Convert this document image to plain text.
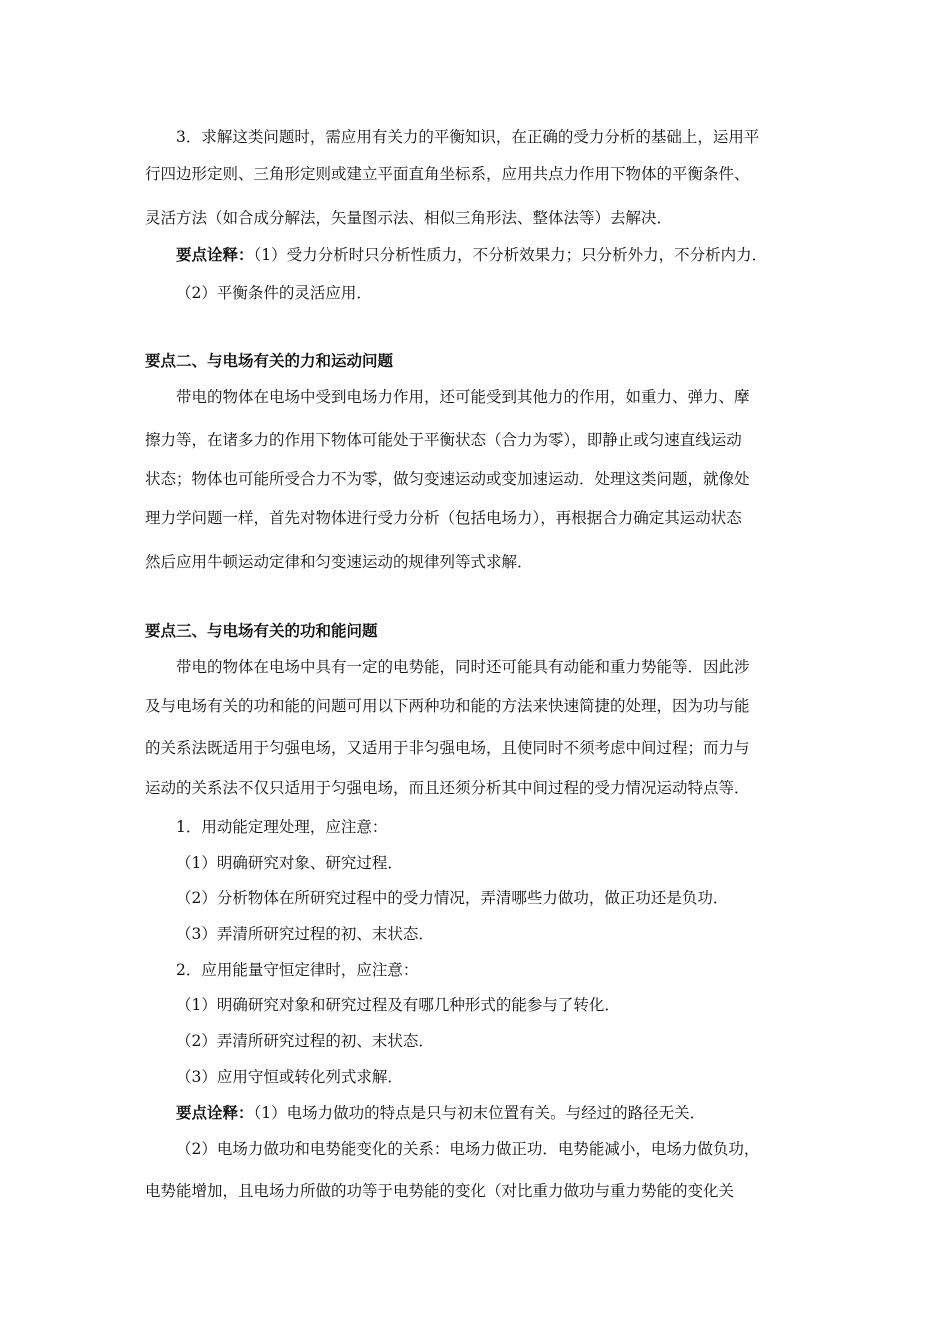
3．求解这类问题时，需应用有关力的平衡知识，在正确的受力分析的基础上，运用平
行四边形定则、三角形定则或建立平面直角坐标系，应用共点力作用下物体的平衡条件、
灵活方法（如合成分解法，矢量图示法、相似三角形法、整体法等）去解决．
要点诠释：（1）受力分析时只分析性质力，不分析效果力；只分析外力，不分析内力．
（2）平衡条件的灵活应用．
要点二、与电场有关的力和运动问题
带电的物体在电场中受到电场力作用，还可能受到其他力的作用，如重力、弹力、摩
擦力等，在诸多力的作用下物体可能处于平衡状态（合力为零），即静止或匀速直线运动
状态；物体也可能所受合力不为零，做匀变速运动或变加速运动．处理这类问题，就像处
理力学问题一样，首先对物体进行受力分析（包括电场力），再根据合力确定其运动状态
然后应用牛顿运动定律和匀变速运动的规律列等式求解．
要点三、与电场有关的功和能问题
带电的物体在电场中具有一定的电势能，同时还可能具有动能和重力势能等．因此涉
及与电场有关的功和能的问题可用以下两种功和能的方法来快速简捷的处理，因为功与能
的关系法既适用于匀强电场，又适用于非匀强电场，且使同时不须考虑中间过程；而力与
运动的关系法不仅只适用于匀强电场，而且还须分析其中间过程的受力情况运动特点等．
1．用动能定理处理，应注意：
（1）明确研究对象、研究过程．
（2）分析物体在所研究过程中的受力情况，弄清哪些力做功，做正功还是负功．
（3）弄清所研究过程的初、末状态．
2．应用能量守恒定律时，应注意：
（1）明确研究对象和研究过程及有哪几种形式的能参与了转化．
（2）弄清所研究过程的初、末状态．
（3）应用守恒或转化列式求解．
要点诠释：（1）电场力做功的特点是只与初末位置有关。与经过的路径无关．
（2）电场力做功和电势能变化的关系：电场力做正功．电势能减小，电场力做负功，
电势能增加，且电场力所做的功等于电势能的变化（对比重力做功与重力势能的变化关
